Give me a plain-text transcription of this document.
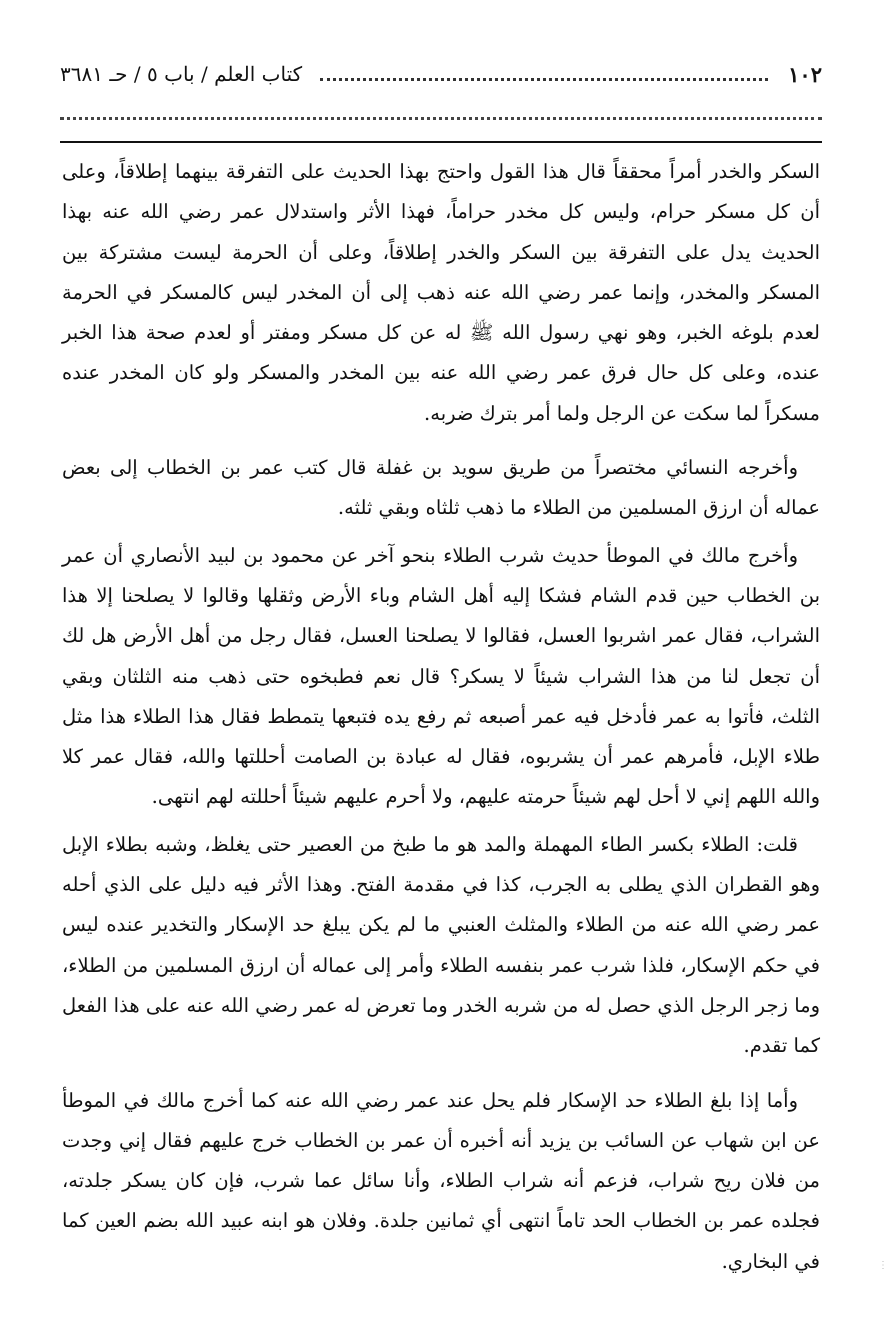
١٠٢
كتاب العلم / باب ٥ / حـ ٣٦٨١

السكر والخدر أمراً محققاً قال هذا القول واحتج بهذا الحديث على التفرقة بينهما إطلاقاً، وعلى أن كل مسكر حرام، وليس كل مخدر حراماً، فهذا الأثر واستدلال عمر رضي الله عنه بهذا الحديث يدل على التفرقة بين السكر والخدر إطلاقاً، وعلى أن الحرمة ليست مشتركة بين المسكر والمخدر، وإنما عمر رضي الله عنه ذهب إلى أن المخدر ليس كالمسكر في الحرمة لعدم بلوغه الخبر، وهو نهي رسول الله ﷺ له عن كل مسكر ومفتر أو لعدم صحة هذا الخبر عنده، وعلى كل حال فرق عمر رضي الله عنه بين المخدر والمسكر ولو كان المخدر عنده مسكراً لما سكت عن الرجل ولما أمر بترك ضربه.

وأخرجه النسائي مختصراً من طريق سويد بن غفلة قال كتب عمر بن الخطاب إلى بعض عماله أن ارزق المسلمين من الطلاء ما ذهب ثلثاه وبقي ثلثه.

وأخرج مالك في الموطأ حديث شرب الطلاء بنحو آخر عن محمود بن لبيد الأنصاري أن عمر بن الخطاب حين قدم الشام فشكا إليه أهل الشام وباء الأرض وثقلها وقالوا لا يصلحنا إلا هذا الشراب، فقال عمر اشربوا العسل، فقالوا لا يصلحنا العسل، فقال رجل من أهل الأرض هل لك أن تجعل لنا من هذا الشراب شيئاً لا يسكر؟ قال نعم فطبخوه حتى ذهب منه الثلثان وبقي الثلث، فأتوا به عمر فأدخل فيه عمر أصبعه ثم رفع يده فتبعها يتمطط فقال هذا الطلاء هذا مثل طلاء الإبل، فأمرهم عمر أن يشربوه، فقال له عبادة بن الصامت أحللتها والله، فقال عمر كلا والله اللهم إني لا أحل لهم شيئاً حرمته عليهم، ولا أحرم عليهم شيئاً أحللته لهم انتهى.

قلت: الطلاء بكسر الطاء المهملة والمد هو ما طبخ من العصير حتى يغلظ، وشبه بطلاء الإبل وهو القطران الذي يطلى به الجرب، كذا في مقدمة الفتح. وهذا الأثر فيه دليل على الذي أحله عمر رضي الله عنه من الطلاء والمثلث العنبي ما لم يكن يبلغ حد الإسكار والتخدير عنده ليس في حكم الإسكار، فلذا شرب عمر بنفسه الطلاء وأمر إلى عماله أن ارزق المسلمين من الطلاء، وما زجر الرجل الذي حصل له من شربه الخدر وما تعرض له عمر رضي الله عنه على هذا الفعل كما تقدم.

وأما إذا بلغ الطلاء حد الإسكار فلم يحل عند عمر رضي الله عنه كما أخرج مالك في الموطأ عن ابن شهاب عن السائب بن يزيد أنه أخبره أن عمر بن الخطاب خرج عليهم فقال إني وجدت من فلان ريح شراب، فزعم أنه شراب الطلاء، وأنا سائل عما شرب، فإن كان يسكر جلدته، فجلده عمر بن الخطاب الحد تاماً انتهى أي ثمانين جلدة. وفلان هو ابنه عبيد الله بضم العين كما في البخاري.	⋮
